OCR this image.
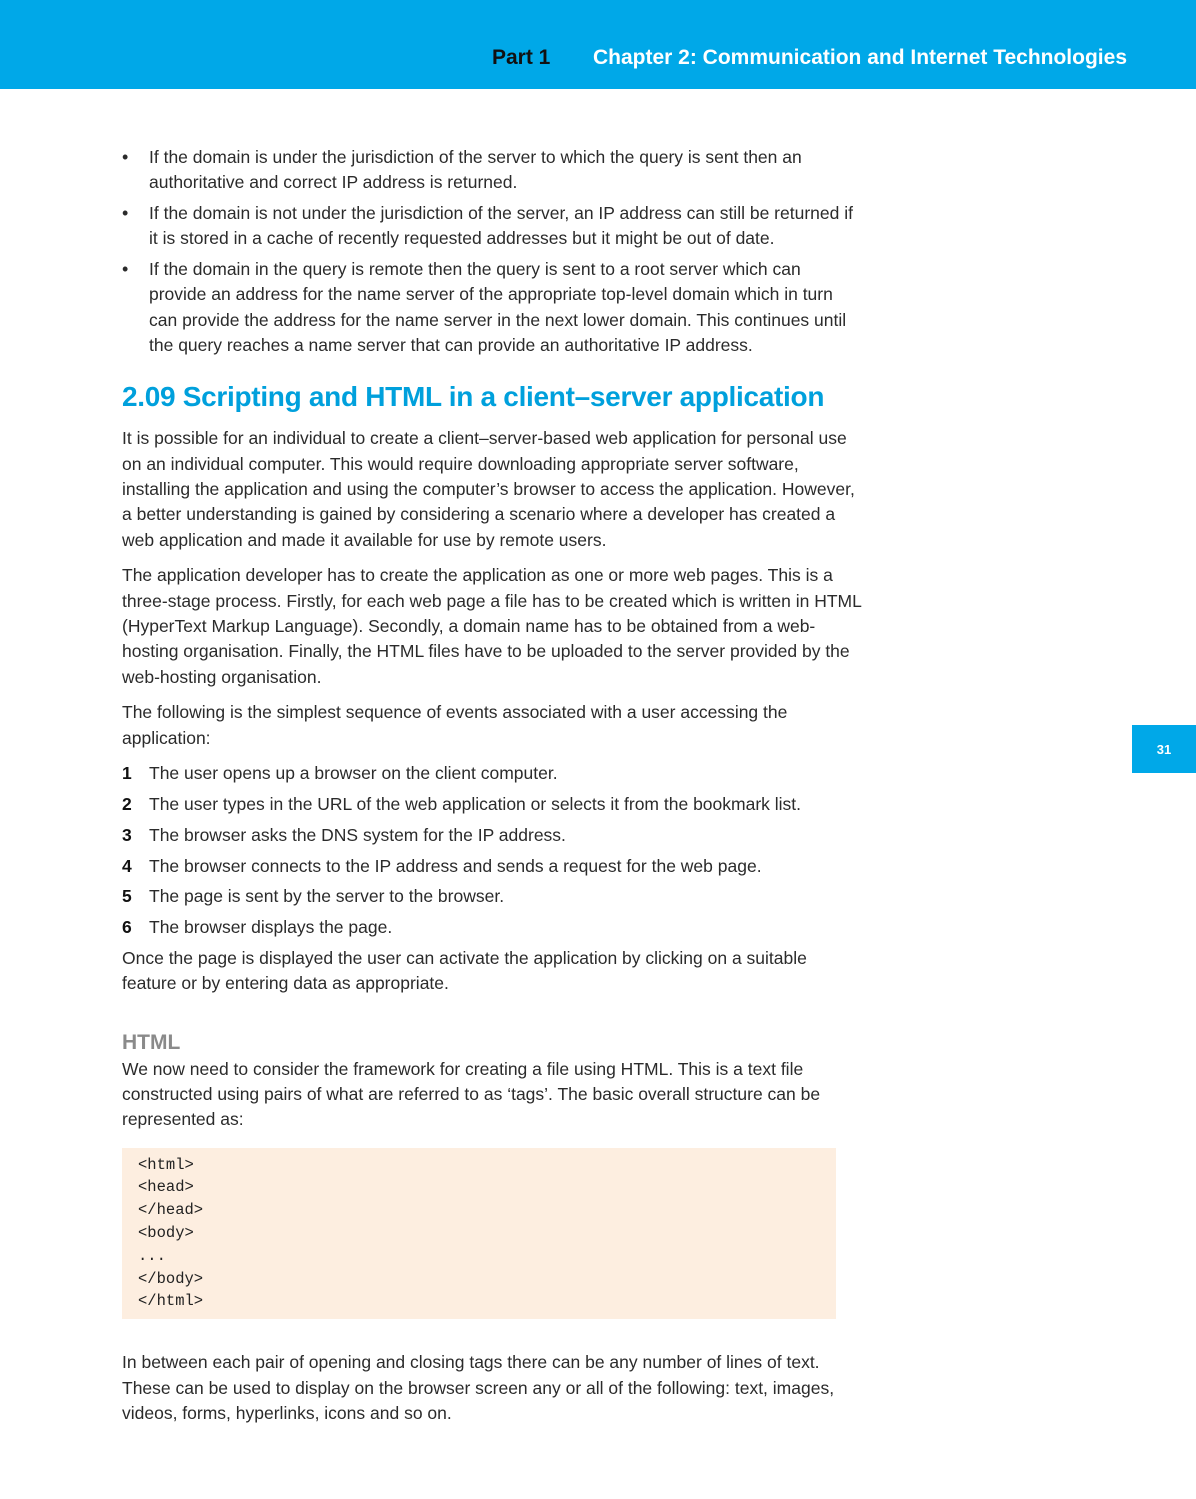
Part 1 Chapter 2: Communication and Internet Technologies
31
• If the domain is under the jurisdiction of the server to which the query is sent then an authoritative and correct IP address is returned.
• If the domain is not under the jurisdiction of the server, an IP address can still be returned if it is stored in a cache of recently requested addresses but it might be out of date.
• If the domain in the query is remote then the query is sent to a root server which can provide an address for the name server of the appropriate top-level domain which in turn can provide the address for the name server in the next lower domain. This continues until the query reaches a name server that can provide an authoritative IP address.
2.09 Scripting and HTML in a client–server application

It is possible for an individual to create a client–server-based web application for personal use on an individual computer. This would require downloading appropriate server software, installing the application and using the computer’s browser to access the application. However, a better understanding is gained by considering a scenario where a developer has created a web application and made it available for use by remote users.

The application developer has to create the application as one or more web pages. This is a three-stage process. Firstly, for each web page a file has to be created which is written in HTML (HyperText Markup Language). Secondly, a domain name has to be obtained from a web-hosting organisation. Finally, the HTML files have to be uploaded to the server provided by the web-hosting organisation.

The following is the simplest sequence of events associated with a user accessing the application:

1 The user opens up a browser on the client computer.
2 The user types in the URL of the web application or selects it from the bookmark list.
3 The browser asks the DNS system for the IP address.
4 The browser connects to the IP address and sends a request for the web page.
5 The page is sent by the server to the browser.
6 The browser displays the page.

Once the page is displayed the user can activate the application by clicking on a suitable feature or by entering data as appropriate.

HTML

We now need to consider the framework for creating a file using HTML. This is a text file constructed using pairs of what are referred to as ‘tags’. The basic overall structure can be represented as:

<html>
<head>
</head>
<body>
...
</body>
</html>

In between each pair of opening and closing tags there can be any number of lines of text. These can be used to display on the browser screen any or all of the following: text, images, videos, forms, hyperlinks, icons and so on.
